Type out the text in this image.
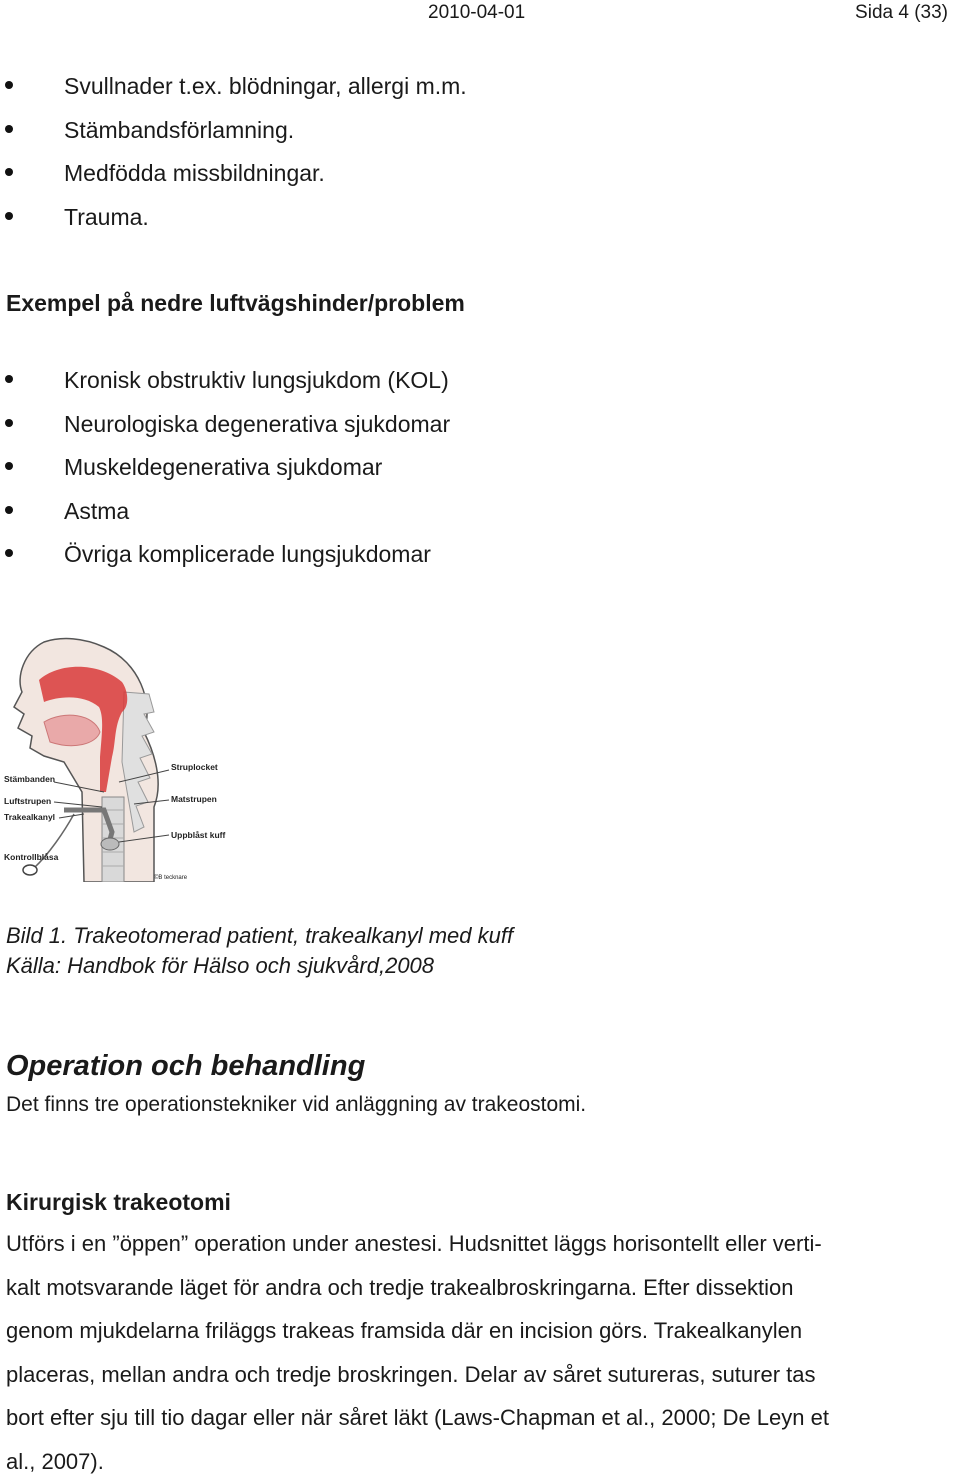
2010-04-01	Sida 4 (33)
Svullnader t.ex. blödningar, allergi m.m.
Stämbandsförlamning.
Medfödda missbildningar.
Trauma.
Exempel på nedre luftvägshinder/problem
Kronisk obstruktiv lungsjukdom (KOL)
Neurologiska degenerativa sjukdomar
Muskeldegenerativa sjukdomar
Astma
Övriga komplicerade lungsjukdomar
Stämbanden
Luftstrupen
Trakealkanyl
Kontrollblåsa
Struplocket
Matstrupen
Uppblåst kuff
©B tecknare
Bild 1. Trakeotomerad patient, trakealkanyl med kuff
Källa: Handbok för Hälso och sjukvård,2008
Operation och behandling
Det finns tre operationstekniker vid anläggning av trakeostomi.
Kirurgisk trakeotomi
Utförs i en ”öppen” operation under anestesi. Hudsnittet läggs horisontellt eller verti-
kalt motsvarande läget för andra och tredje trakealbroskringarna. Efter dissektion
genom mjukdelarna friläggs trakeas framsida där en incision görs. Trakealkanylen
placeras, mellan andra och tredje broskringen. Delar av såret sutureras, suturer tas
bort efter sju till tio dagar eller när såret läkt (Laws-Chapman et al., 2000; De Leyn et
al., 2007).
